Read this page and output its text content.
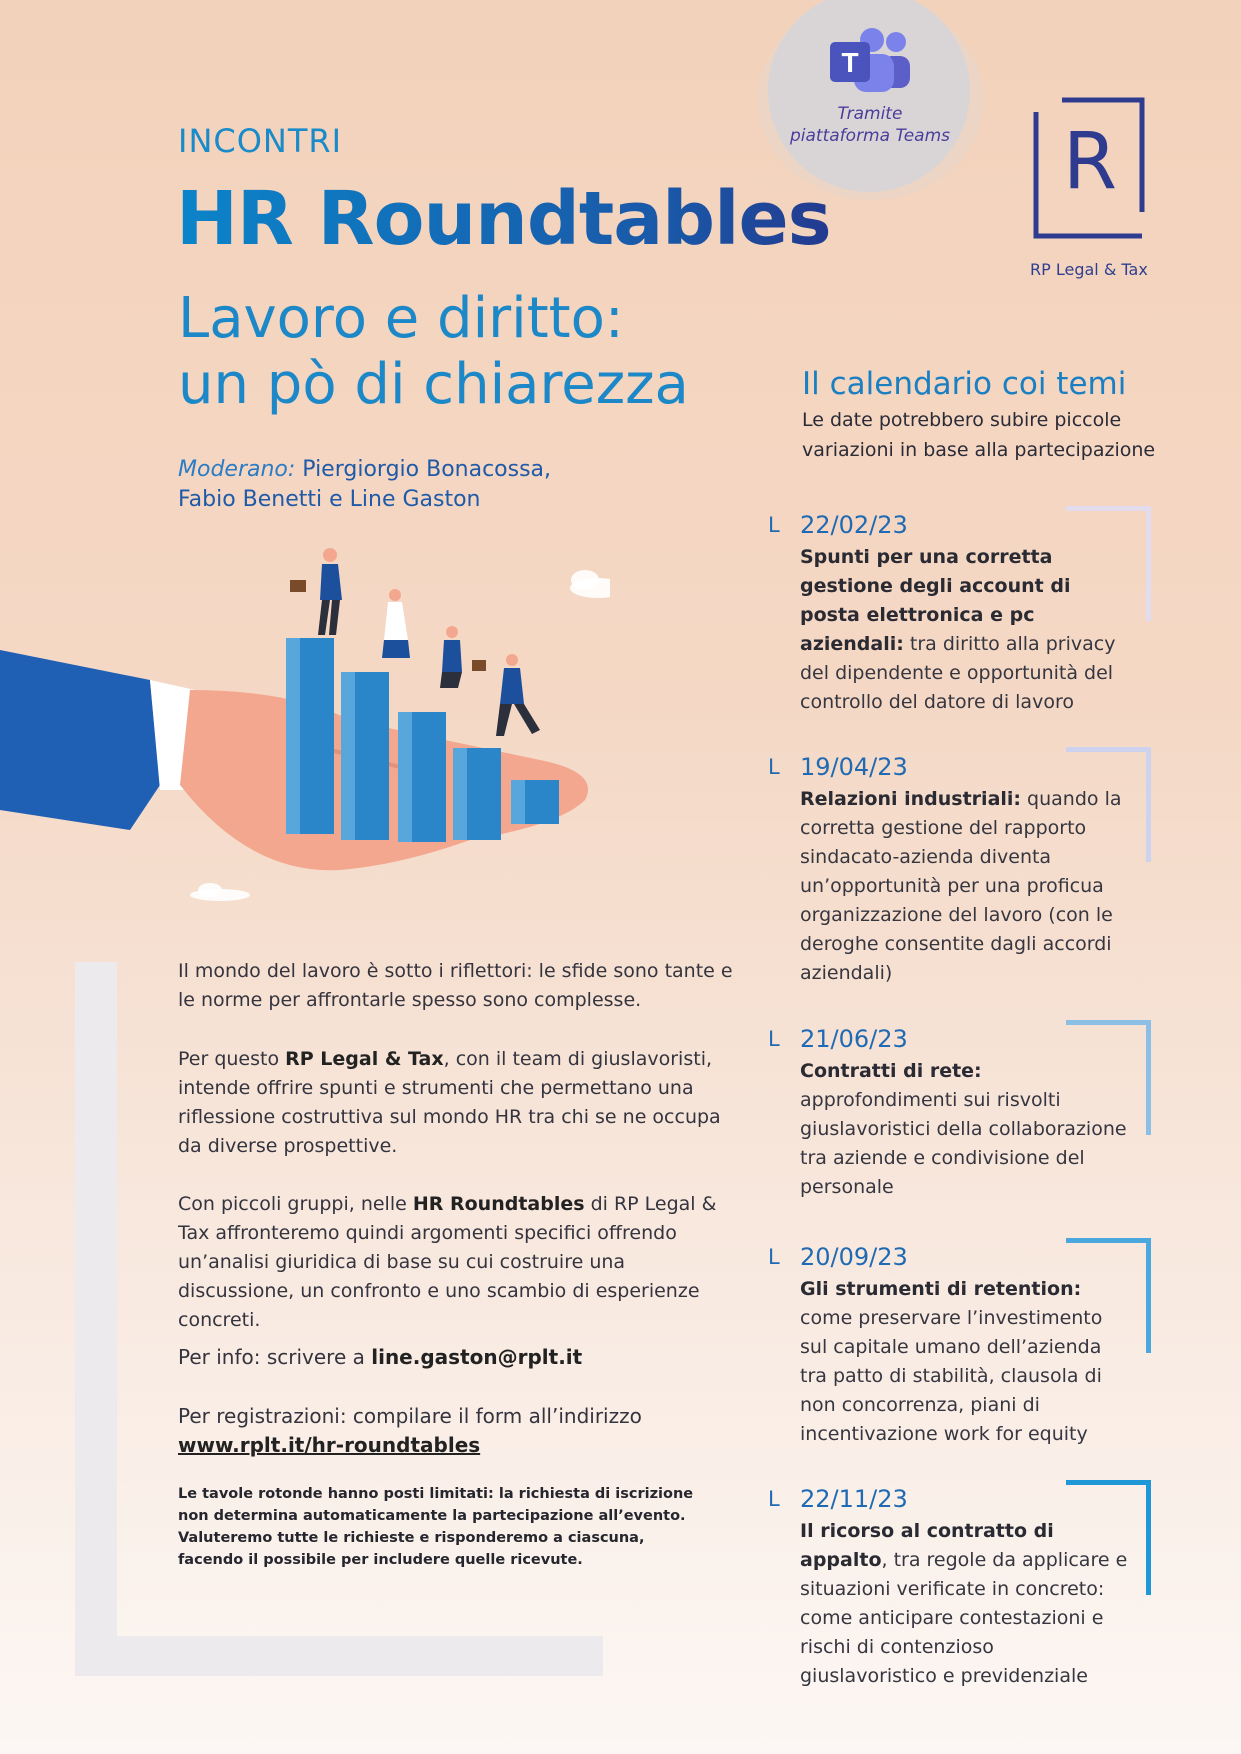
T
Tramite piattaforma Teams R
RP Legal & Tax
INCONTRI
HR Roundtables
Lavoro e diritto:
un pò di chiarezza
Moderano: Piergiorgio Bonacossa,
Fabio Benetti e Line Gaston
Il mondo del lavoro è sotto i riflettori: le sfide sono tante e le norme per affrontarle spesso sono complesse.
Per questo RP Legal & Tax, con il team di giuslavoristi, intende offrire spunti e strumenti che permettano una riflessione costruttiva sul mondo HR tra chi se ne occupa da diverse prospettive.
Con piccoli gruppi, nelle HR Roundtables di RP Legal & Tax affronteremo quindi argomenti specifici offrendo un’analisi giuridica di base su cui costruire una discussione, un confronto e uno scambio di esperienze concreti.
Per info: scrivere a line.gaston@rplt.it
Per registrazioni: compilare il form all’indirizzo
www.rplt.it/hr-roundtables
Le tavole rotonde hanno posti limitati: la richiesta di iscrizione non determina automaticamente la partecipazione all’evento. Valuteremo tutte le richieste e risponderemo a ciascuna, facendo il possibile per includere quelle ricevute.
Il calendario coi temi
Le date potrebbero subire piccole variazioni in base alla partecipazione
L 22/02/23
Spunti per una corretta gestione degli account di posta elettronica e pc aziendali: tra diritto alla privacy del dipendente e opportunità del controllo del datore di lavoro
L 19/04/23
Relazioni industriali: quando la corretta gestione del rapporto sindacato-azienda diventa un’opportunità per una proficua organizzazione del lavoro (con le deroghe consentite dagli accordi aziendali)
L 21/06/23
Contratti di rete: approfondimenti sui risvolti giuslavoristici della collaborazione tra aziende e condivisione del personale
L 20/09/23
Gli strumenti di retention: come preservare l’investimento sul capitale umano dell’azienda tra patto di stabilità, clausola di non concorrenza, piani di incentivazione work for equity
L 22/11/23
Il ricorso al contratto di appalto, tra regole da applicare e situazioni verificate in concreto: come anticipare contestazioni e rischi di contenzioso giuslavoristico e previdenziale
